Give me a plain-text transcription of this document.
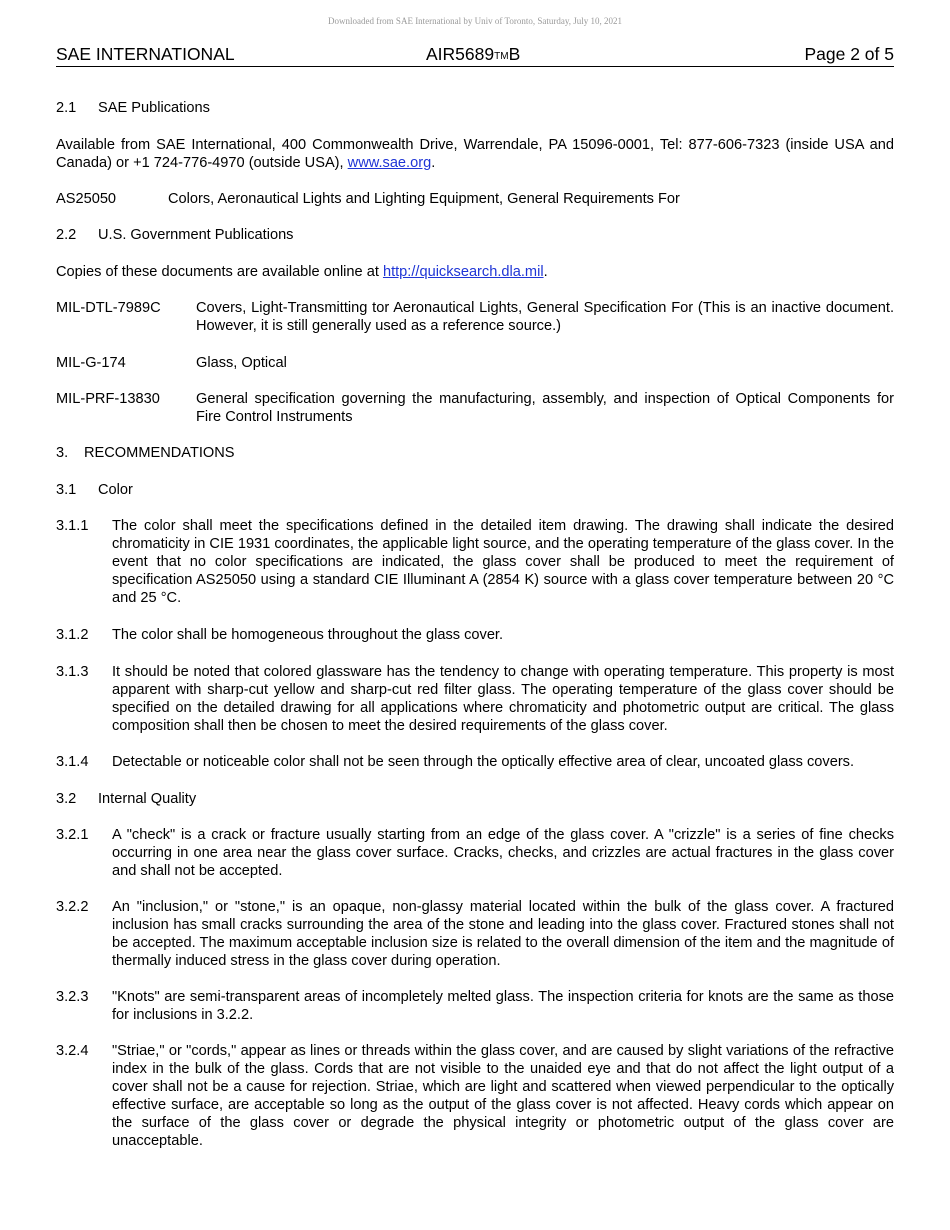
Downloaded from SAE International by Univ of Toronto, Saturday, July 10, 2021
SAE INTERNATIONAL	AIR5689TMB	Page 2 of 5
2.1 SAE Publications
Available from SAE International, 400 Commonwealth Drive, Warrendale, PA 15096-0001, Tel: 877-606-7323 (inside USA and Canada) or +1 724-776-4970 (outside USA), www.sae.org.
AS25050	Colors, Aeronautical Lights and Lighting Equipment, General Requirements For
2.2 U.S. Government Publications
Copies of these documents are available online at http://quicksearch.dla.mil.
MIL-DTL-7989C	Covers, Light-Transmitting tor Aeronautical Lights, General Specification For (This is an inactive document. However, it is still generally used as a reference source.)
MIL-G-174	Glass, Optical
MIL-PRF-13830	General specification governing the manufacturing, assembly, and inspection of Optical Components for Fire Control Instruments
3. RECOMMENDATIONS
3.1 Color
3.1.1	The color shall meet the specifications defined in the detailed item drawing. The drawing shall indicate the desired chromaticity in CIE 1931 coordinates, the applicable light source, and the operating temperature of the glass cover. In the event that no color specifications are indicated, the glass cover shall be produced to meet the requirement of specification AS25050 using a standard CIE Illuminant A (2854 K) source with a glass cover temperature between 20 °C and 25 °C.
3.1.2	The color shall be homogeneous throughout the glass cover.
3.1.3	It should be noted that colored glassware has the tendency to change with operating temperature. This property is most apparent with sharp-cut yellow and sharp-cut red filter glass. The operating temperature of the glass cover should be specified on the detailed drawing for all applications where chromaticity and photometric output are critical. The glass composition shall then be chosen to meet the desired requirements of the glass cover.
3.1.4	Detectable or noticeable color shall not be seen through the optically effective area of clear, uncoated glass covers.
3.2 Internal Quality
3.2.1	A "check" is a crack or fracture usually starting from an edge of the glass cover. A "crizzle" is a series of fine checks occurring in one area near the glass cover surface. Cracks, checks, and crizzles are actual fractures in the glass cover and shall not be accepted.
3.2.2	An "inclusion," or "stone," is an opaque, non-glassy material located within the bulk of the glass cover. A fractured inclusion has small cracks surrounding the area of the stone and leading into the glass cover. Fractured stones shall not be accepted. The maximum acceptable inclusion size is related to the overall dimension of the item and the magnitude of thermally induced stress in the glass cover during operation.
3.2.3	"Knots" are semi-transparent areas of incompletely melted glass. The inspection criteria for knots are the same as those for inclusions in 3.2.2.
3.2.4	"Striae," or "cords," appear as lines or threads within the glass cover, and are caused by slight variations of the refractive index in the bulk of the glass. Cords that are not visible to the unaided eye and that do not affect the light output of a cover shall not be a cause for rejection. Striae, which are light and scattered when viewed perpendicular to the optically effective surface, are acceptable so long as the output of the glass cover is not affected. Heavy cords which appear on the surface of the glass cover or degrade the physical integrity or photometric output of the glass cover are unacceptable.
